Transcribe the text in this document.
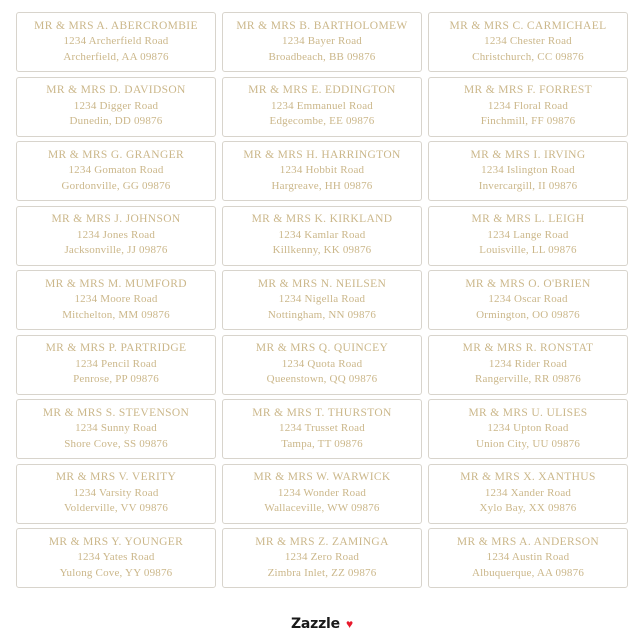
MR & MRS A. ABERCROMBIE
1234 Archerfield Road
Archerfield, AA 09876
MR & MRS B. BARTHOLOMEW
1234 Bayer Road
Broadbeach, BB 09876
MR & MRS C. CARMICHAEL
1234 Chester Road
Christchurch, CC 09876
MR & MRS D. DAVIDSON
1234 Digger Road
Dunedin, DD 09876
MR & MRS E. EDDINGTON
1234 Emmanuel Road
Edgecombe, EE 09876
MR & MRS F. FORREST
1234 Floral Road
Finchmill, FF 09876
MR & MRS G. GRANGER
1234 Gomaton Road
Gordonville, GG 09876
MR & MRS H. HARRINGTON
1234 Hobbit Road
Hargreave, HH 09876
MR & MRS I. IRVING
1234 Islington Road
Invercargill, II 09876
MR & MRS J. JOHNSON
1234 Jones Road
Jacksonville, JJ 09876
MR & MRS K. KIRKLAND
1234 Kamlar Road
Killkenny, KK 09876
MR & MRS L. LEIGH
1234 Lange Road
Louisville, LL 09876
MR & MRS M. MUMFORD
1234 Moore Road
Mitchelton, MM 09876
MR & MRS N. NEILSEN
1234 Nigella Road
Nottingham, NN 09876
MR & MRS O. O'BRIEN
1234 Oscar Road
Ormington, OO 09876
MR & MRS P. PARTRIDGE
1234 Pencil Road
Penrose, PP 09876
MR & MRS Q. QUINCEY
1234 Quota Road
Queenstown, QQ 09876
MR & MRS R. RONSTAT
1234 Rider Road
Rangerville, RR 09876
MR & MRS S. STEVENSON
1234 Sunny Road
Shore Cove, SS 09876
MR & MRS T. THURSTON
1234 Trusset Road
Tampa, TT 09876
MR & MRS U. ULISES
1234 Upton Road
Union City, UU 09876
MR & MRS V. VERITY
1234 Varsity Road
Volderville, VV 09876
MR & MRS W. WARWICK
1234 Wonder Road
Wallaceville, WW 09876
MR & MRS X. XANTHUS
1234 Xander Road
Xylo Bay, XX 09876
MR & MRS Y. YOUNGER
1234 Yates Road
Yulong Cove, YY 09876
MR & MRS Z. ZAMINGA
1234 Zero Road
Zimbra Inlet, ZZ 09876
MR & MRS A. ANDERSON
1234 Austin Road
Albuquerque, AA 09876
Zazzle ♥
